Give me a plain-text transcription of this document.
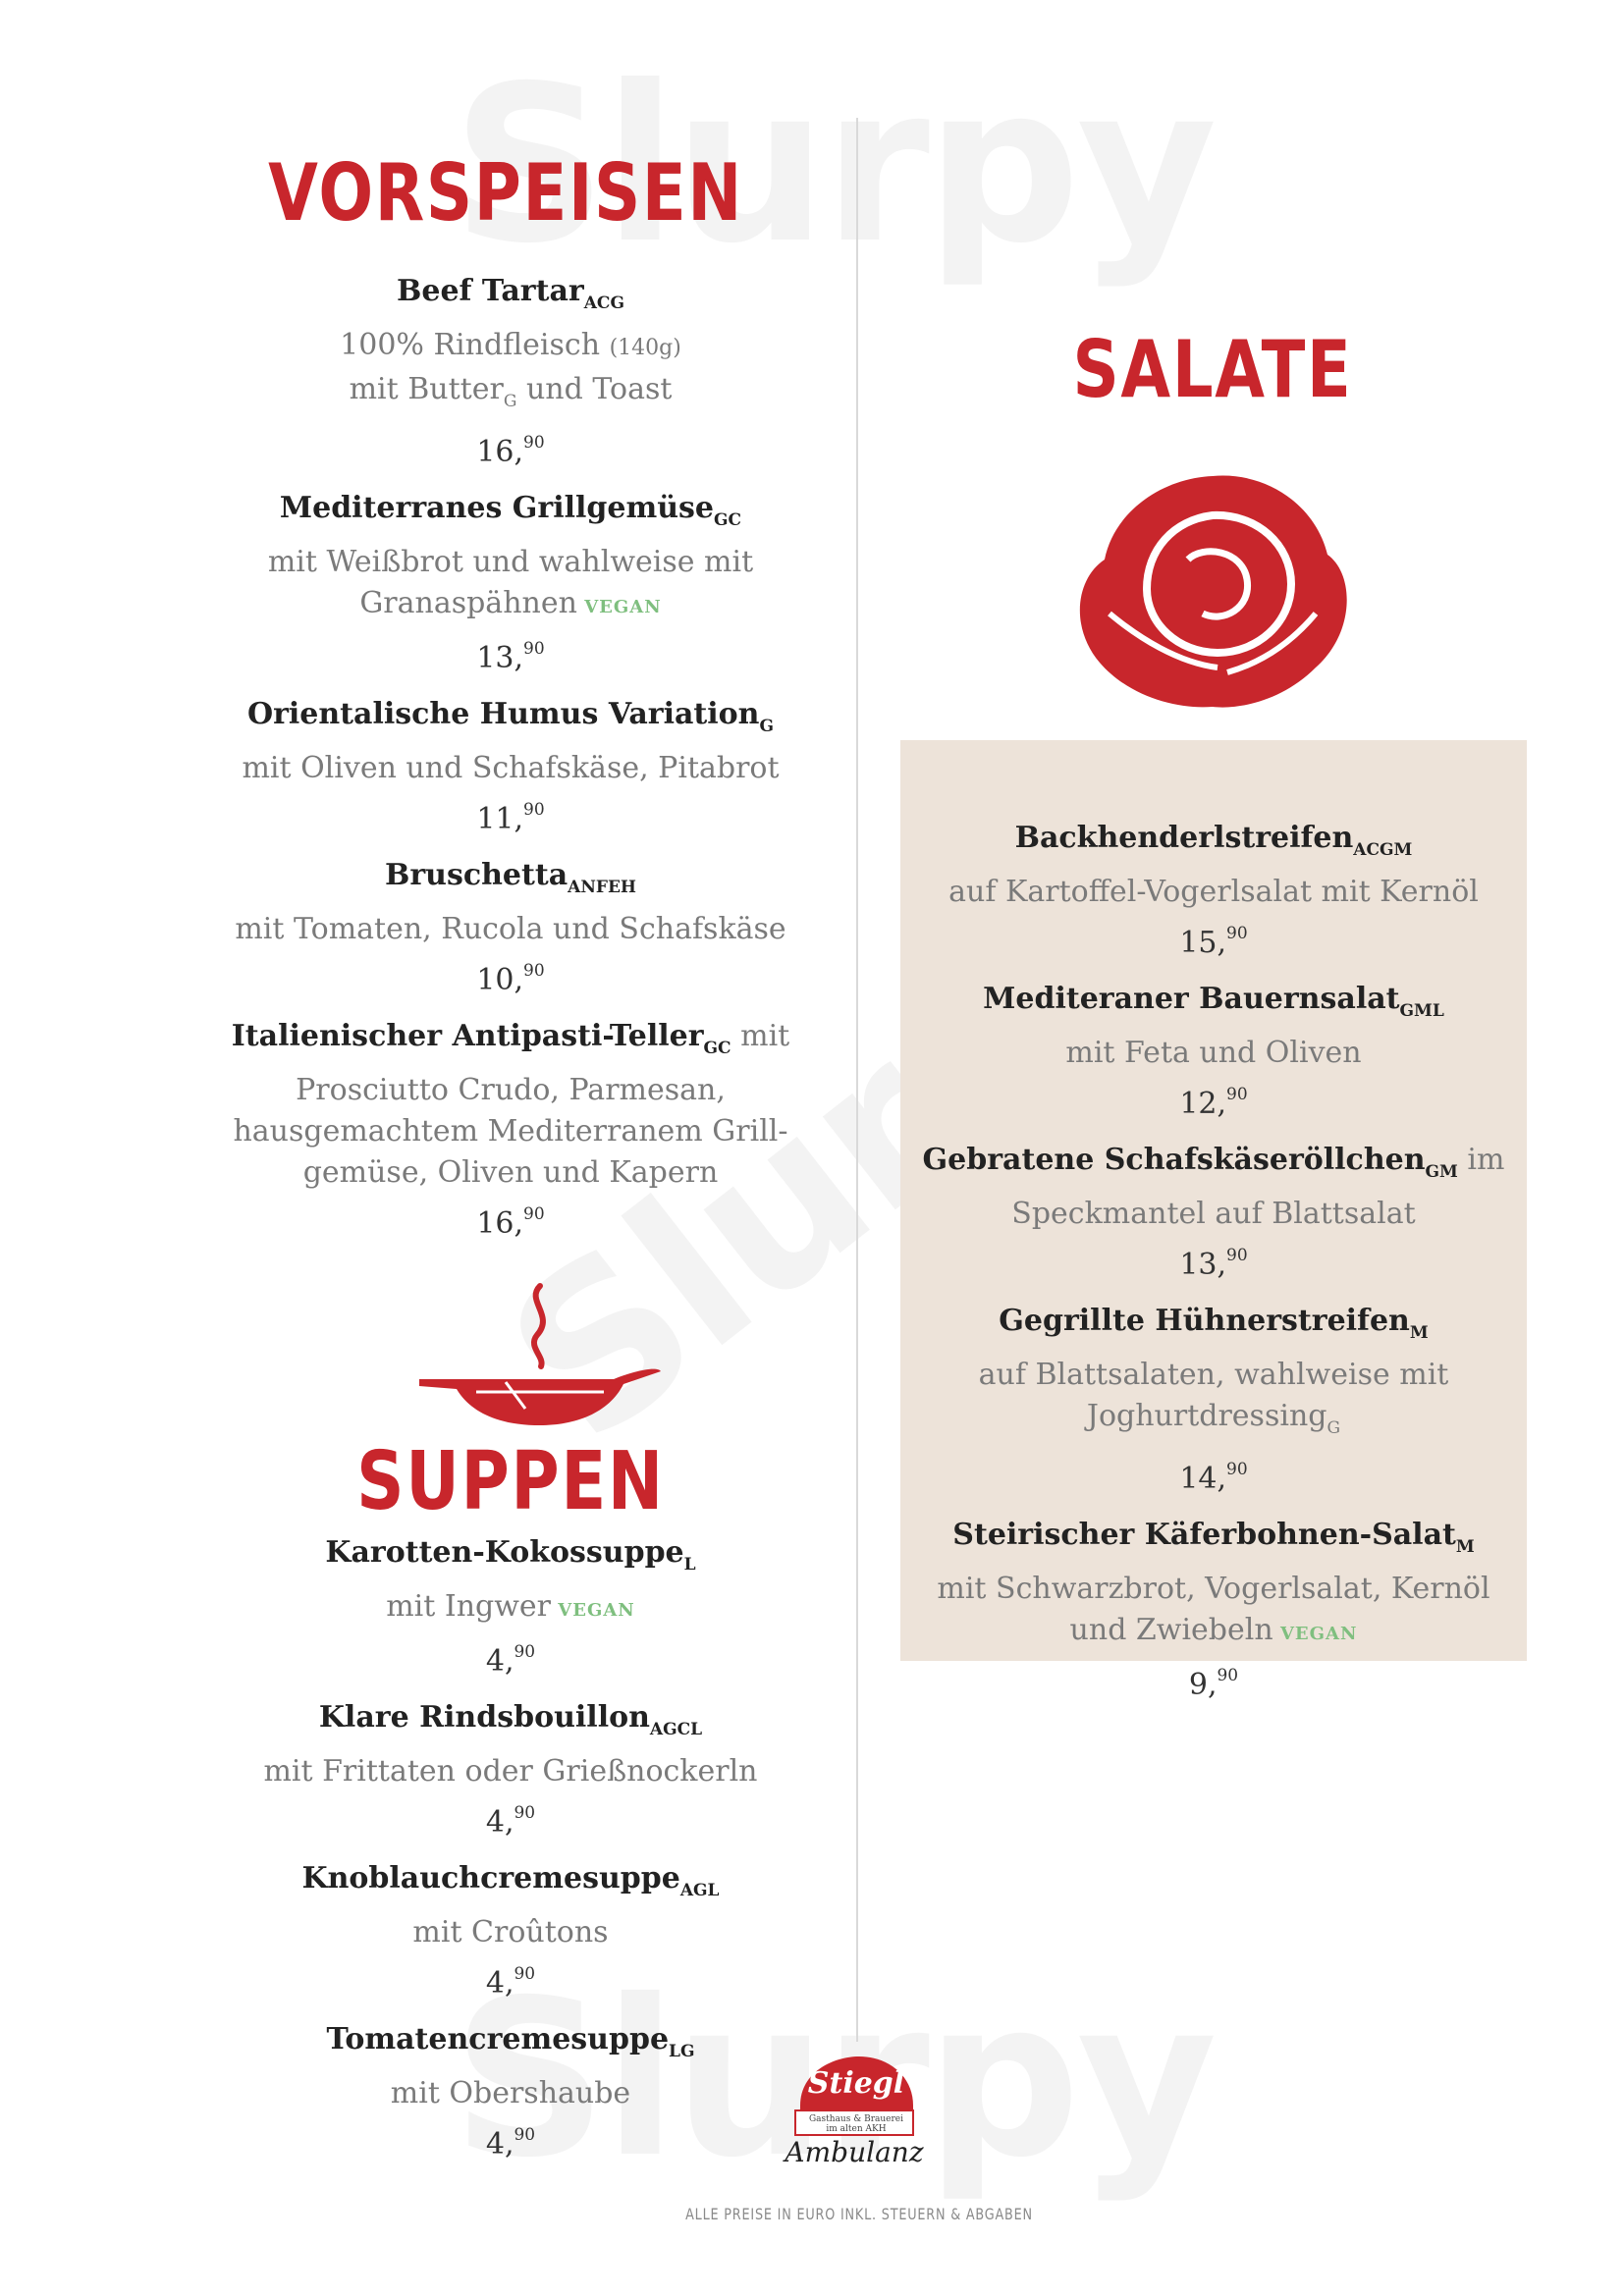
VORSPEISEN
Beef Tartar$_{ACG}$
100% Rindfleisch (140g)
mit Butter$_G$ und Toast
16,90
Mediterranes Grillgemüse$_{GC}$
mit Weißbrot und wahlweise mit
Granaspähnen VEGAN
13,90
Orientalische Humus Variation$_G$
mit Oliven und Schafskäse, Pitabrot
11,90
Bruschetta$_{ANFEH}$
mit Tomaten, Rucola und Schafskäse
10,90
Italienischer Antipasti-Teller$_{GC}$ mit
Prosciutto Crudo, Parmesan,
hausgemachtem Mediterranem Grill-
gemüse, Oliven und Kapern
16,90
SUPPEN
Karotten-Kokossuppe$_L$
mit Ingwer VEGAN
4,90
Klare Rindsbouillon$_{AGCL}$
mit Frittaten oder Grießnockerln
4,90
Knoblauchcremesuppe$_{AGL}$
mit Croûtons
4,90
Tomatencremesuppe$_{LG}$
mit Obershaube
4,90
SALATE
Backhenderlstreifen$_{ACGM}$
auf Kartoffel-Vogerlsalat mit Kernöl
15,90
Mediteraner Bauernsalat$_{GML}$
mit Feta und Oliven
12,90
Gebratene Schafskäseröllchen$_{GM}$ im
Speckmantel auf Blattsalat
13,90
Gegrillte Hühnerstreifen$_M$
auf Blattsalaten, wahlweise mit
Joghurtdressing$_G$
14,90
Steirischer Käferbohnen-Salat$_M$
mit Schwarzbrot, Vogerlsalat, Kernöl
und Zwiebeln VEGAN
9,90
Stiegl
Gasthaus & Brauerei
im alten AKH
Ambulanz
ALLE PREISE IN EURO INKL. STEUERN & ABGABEN
